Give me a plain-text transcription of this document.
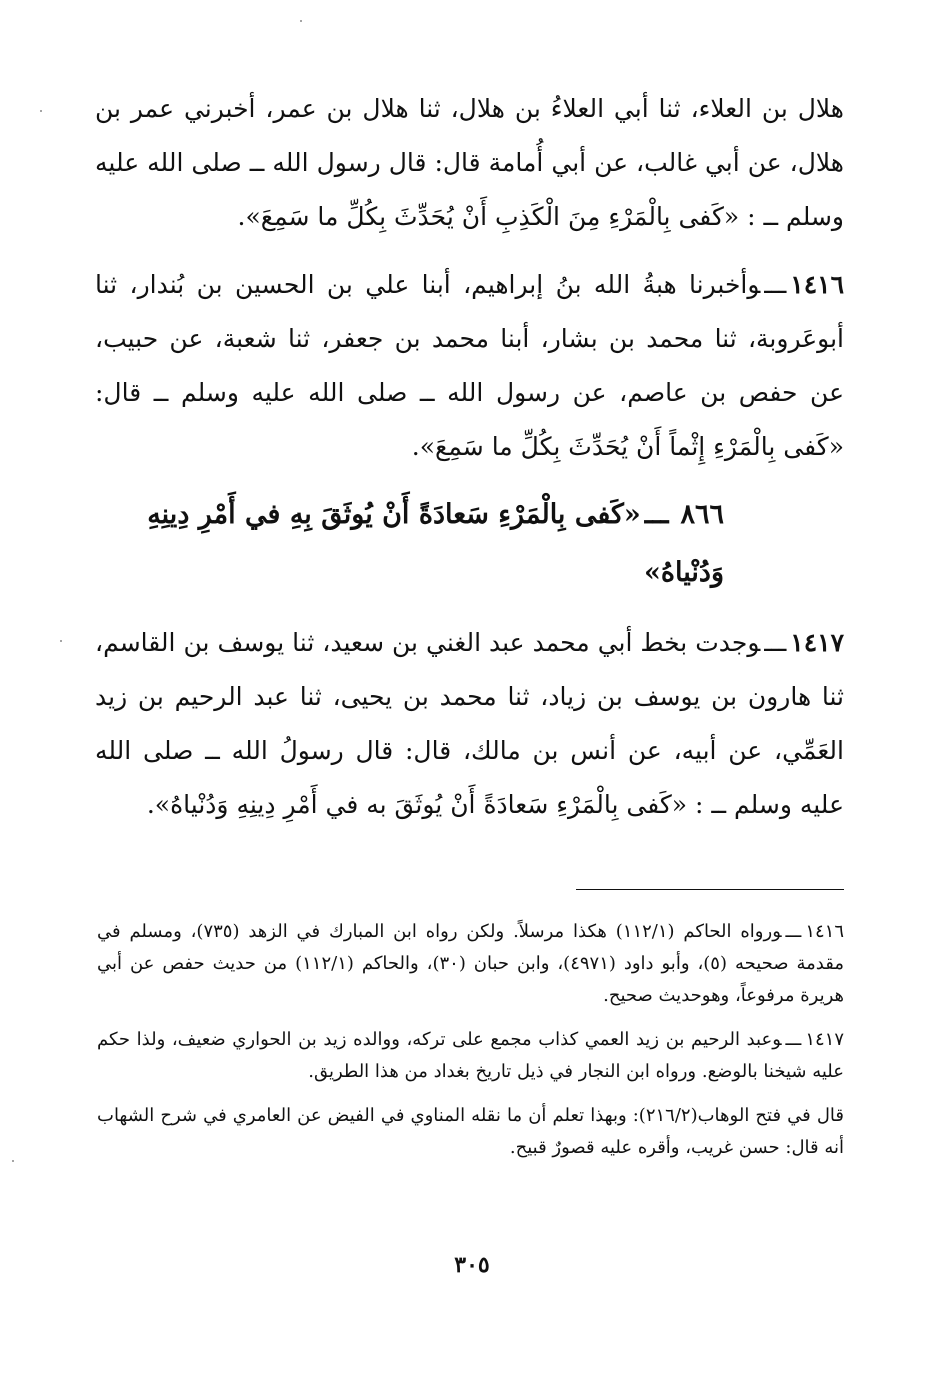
هلال بن العلاء، ثنا أبي العلاءُ بن هلال، ثنا هلال بن عمر، أخبرني عمر بن هلال، عن أبي غالب، عن أبي أُمامة قال: قال رسول الله ــ صلى الله عليه وسلم ــ : «كَفى بِالْمَرْءِ مِنَ الْكَذِبِ أَنْ يُحَدِّثَ بِكُلِّ ما سَمِعَ».

١٤١٦ـــوأخبرنا هبةُ الله بنُ إبراهيم، أبنا علي بن الحسين بن بُندار، ثنا أبوعَروبة، ثنا محمد بن بشار، أبنا محمد بن جعفر، ثنا شعبة، عن حبيب، عن حفص بن عاصم، عن رسول الله ــ صلى الله عليه وسلم ــ قال: «كَفى بِالْمَرْءِ إِثْماً أَنْ يُحَدِّثَ بِكُلِّ ما سَمِعَ».

٨٦٦ـــ«كَفى بِالْمَرْءِ سَعادَةً أَنْ يُوثَقَ بِهِ في أَمْرِ دِينِهِ وَدُنْياهُ»

١٤١٧ـــوجدت بخط أبي محمد عبد الغني بن سعيد، ثنا يوسف بن القاسم، ثنا هارون بن يوسف بن زياد، ثنا محمد بن يحيى، ثنا عبد الرحيم بن زيد العَمِّي، عن أبيه، عن أنس بن مالك، قال: قال رسولُ الله ــ صلى الله عليه وسلم ــ : «كَفى بِالْمَرْءِ سَعادَةً أَنْ يُوثَقَ به في أَمْرِ دِينِهِ وَدُنْياهُ».

١٤١٦ـــورواه الحاكم (١١٢/١) هكذا مرسلاً. ولكن رواه ابن المبارك في الزهد (٧٣٥)، ومسلم في مقدمة صحيحه (٥)، وأبو داود (٤٩٧١)، وابن حبان (٣٠)، والحاكم (١١٢/١) من حديث حفص عن أبي هريرة مرفوعاً، وهوحديث صحيح.

١٤١٧ـــوعبد الرحيم بن زيد العمي كذاب مجمع على تركه، ووالده زيد بن الحواري ضعيف، ولذا حكم عليه شيخنا بالوضع. ورواه ابن النجار في ذيل تاريخ بغداد من هذا الطريق.

قال في فتح الوهاب(٢١٦/٢): وبهذا تعلم أن ما نقله المناوي في الفيض عن العامري في شرح الشهاب أنه قال: حسن غريب، وأقره عليه قصورٌ قبيح.

٣٠٥
